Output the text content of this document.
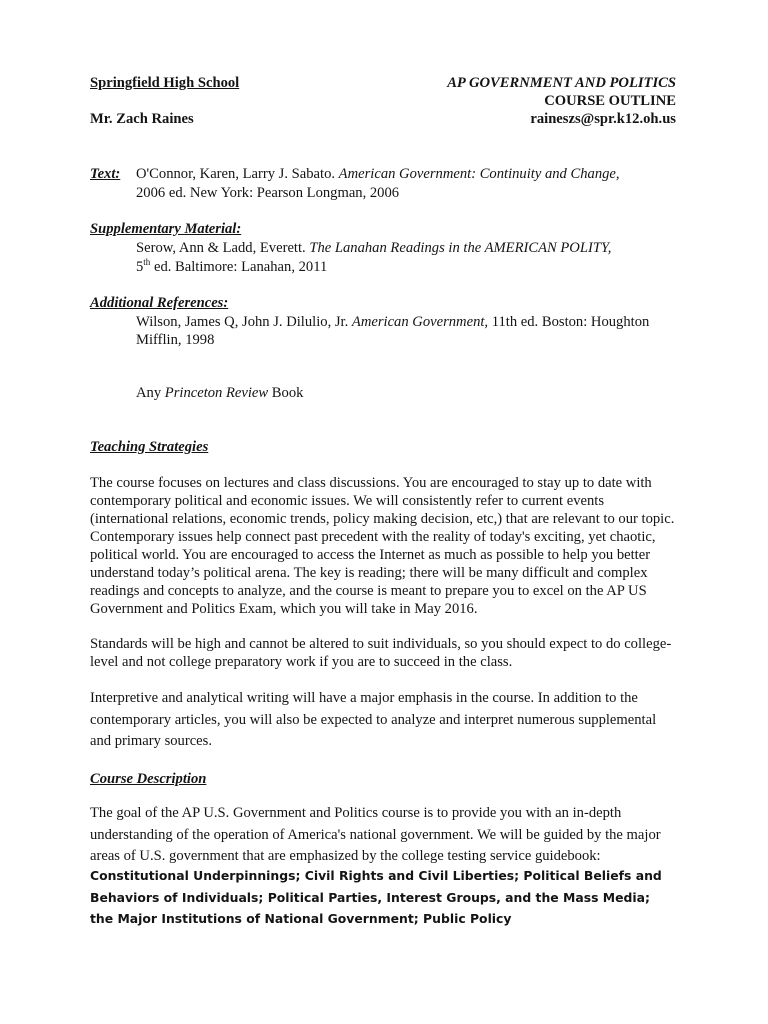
Springfield High School	AP GOVERNMENT AND POLITICS
COURSE OUTLINE
Mr. Zach Raines	raineszs@spr.k12.oh.us
Text: O'Connor, Karen, Larry J. Sabato. American Government: Continuity and Change,
2006 ed. New York: Pearson Longman, 2006
Supplementary Material:
Serow, Ann & Ladd, Everett. The Lanahan Readings in the AMERICAN POLITY,
5th ed. Baltimore: Lanahan, 2011
Additional References:
Wilson, James Q, John J. Dilulio, Jr. American Government, 11th ed. Boston: Houghton
Mifflin, 1998
Any Princeton Review Book
Teaching Strategies
The course focuses on lectures and class discussions. You are encouraged to stay up to date with contemporary political and economic issues. We will consistently refer to current events (international relations, economic trends, policy making decision, etc,) that are relevant to our topic. Contemporary issues help connect past precedent with the reality of today's exciting, yet chaotic, political world. You are encouraged to access the Internet as much as possible to help you better understand today’s political arena. The key is reading; there will be many difficult and complex readings and concepts to analyze, and the course is meant to prepare you to excel on the AP US Government and Politics Exam, which you will take in May 2016.
Standards will be high and cannot be altered to suit individuals, so you should expect to do college-level and not college preparatory work if you are to succeed in the class.
Interpretive and analytical writing will have a major emphasis in the course. In addition to the contemporary articles, you will also be expected to analyze and interpret numerous supplemental and primary sources.
Course Description
The goal of the AP U.S. Government and Politics course is to provide you with an in-depth understanding of the operation of America's national government. We will be guided by the major areas of U.S. government that are emphasized by the college testing service guidebook:
Constitutional Underpinnings; Civil Rights and Civil Liberties; Political Beliefs and Behaviors of Individuals; Political Parties, Interest Groups, and the Mass Media; the Major Institutions of National Government; Public Policy
